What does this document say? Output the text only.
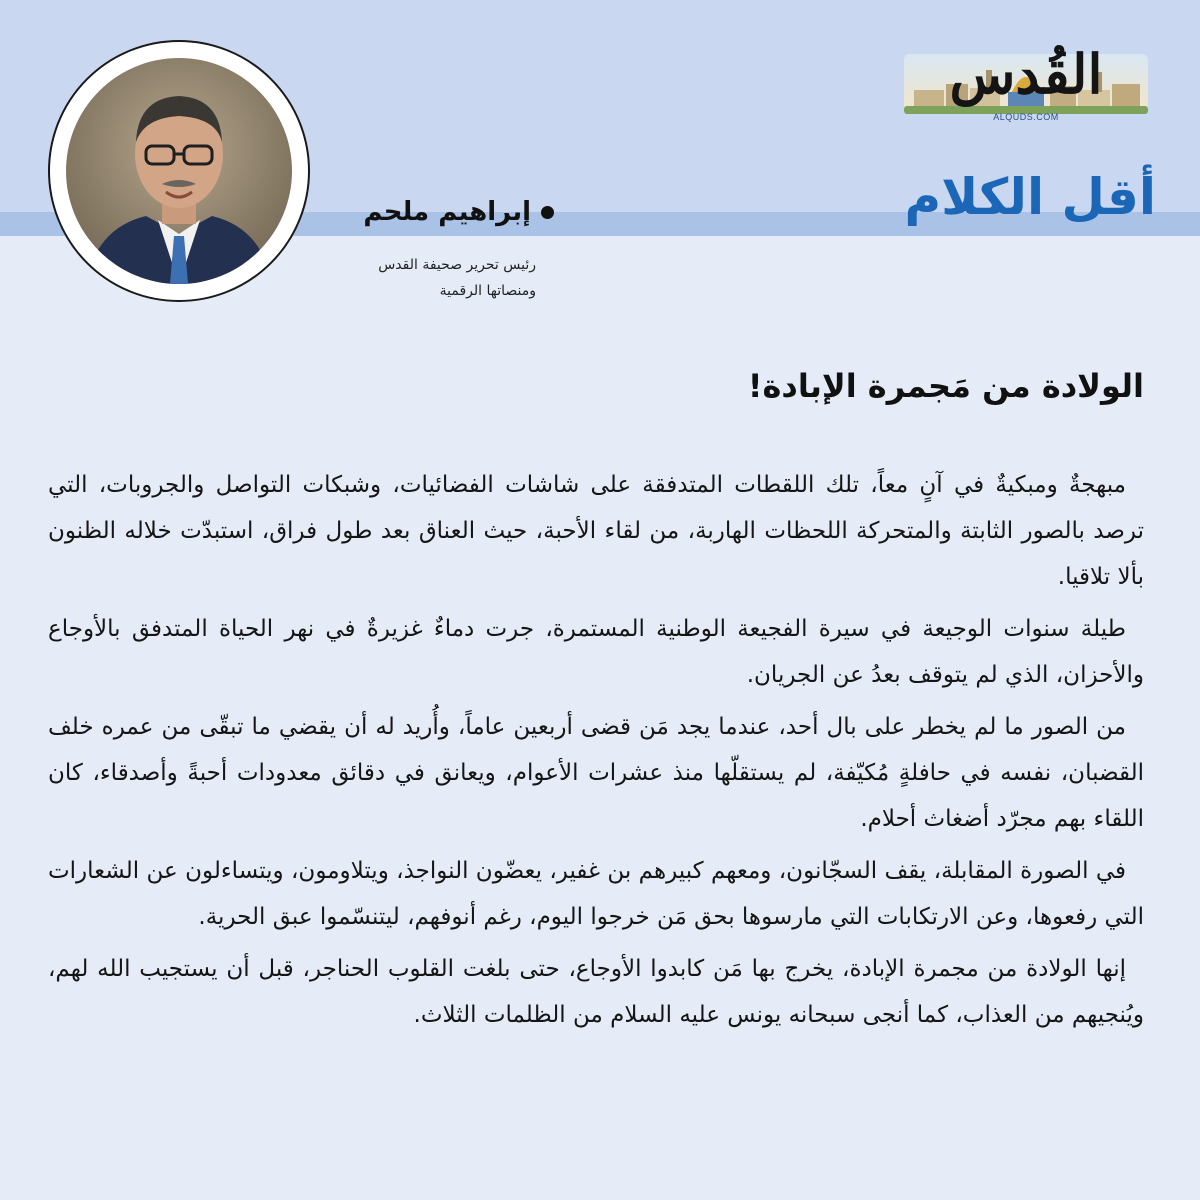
القُدس
ALQUDS.COM
أقل الكلام
إبراهيم ملحم
رئيس تحرير صحيفة القدس
ومنصاتها الرقمية
الولادة من مَجمرة الإبادة!

مبهجةٌ ومبكيةٌ في آنٍ معاً، تلك اللقطات المتدفقة على شاشات الفضائيات، وشبكات التواصل والجروبات، التي ترصد بالصور الثابتة والمتحركة اللحظات الهاربة، من لقاء الأحبة، حيث العناق بعد طول فراق، استبدّت خلاله الظنون بألا تلاقيا.

طيلة سنوات الوجيعة في سيرة الفجيعة الوطنية المستمرة، جرت دماءٌ غزيرةٌ في نهر الحياة المتدفق بالأوجاع والأحزان، الذي لم يتوقف بعدُ عن الجريان.

من الصور ما لم يخطر على بال أحد، عندما يجد مَن قضى أربعين عاماً، وأُريد له أن يقضي ما تبقّى من عمره خلف القضبان، نفسه في حافلةٍ مُكيّفة، لم يستقلّها منذ عشرات الأعوام، ويعانق في دقائق معدودات أحبةً وأصدقاء، كان اللقاء بهم مجرّد أضغاث أحلام.

في الصورة المقابلة، يقف السجّانون، ومعهم كبيرهم بن غفير، يعضّون النواجذ، ويتلاومون، ويتساءلون عن الشعارات التي رفعوها، وعن الارتكابات التي مارسوها بحق مَن خرجوا اليوم، رغم أنوفهم، ليتنسّموا عبق الحرية.

إنها الولادة من مجمرة الإبادة، يخرج بها مَن كابدوا الأوجاع، حتى بلغت القلوب الحناجر، قبل أن يستجيب الله لهم، ويُنجيهم من العذاب، كما أنجى سبحانه يونس عليه السلام من الظلمات الثلاث.
